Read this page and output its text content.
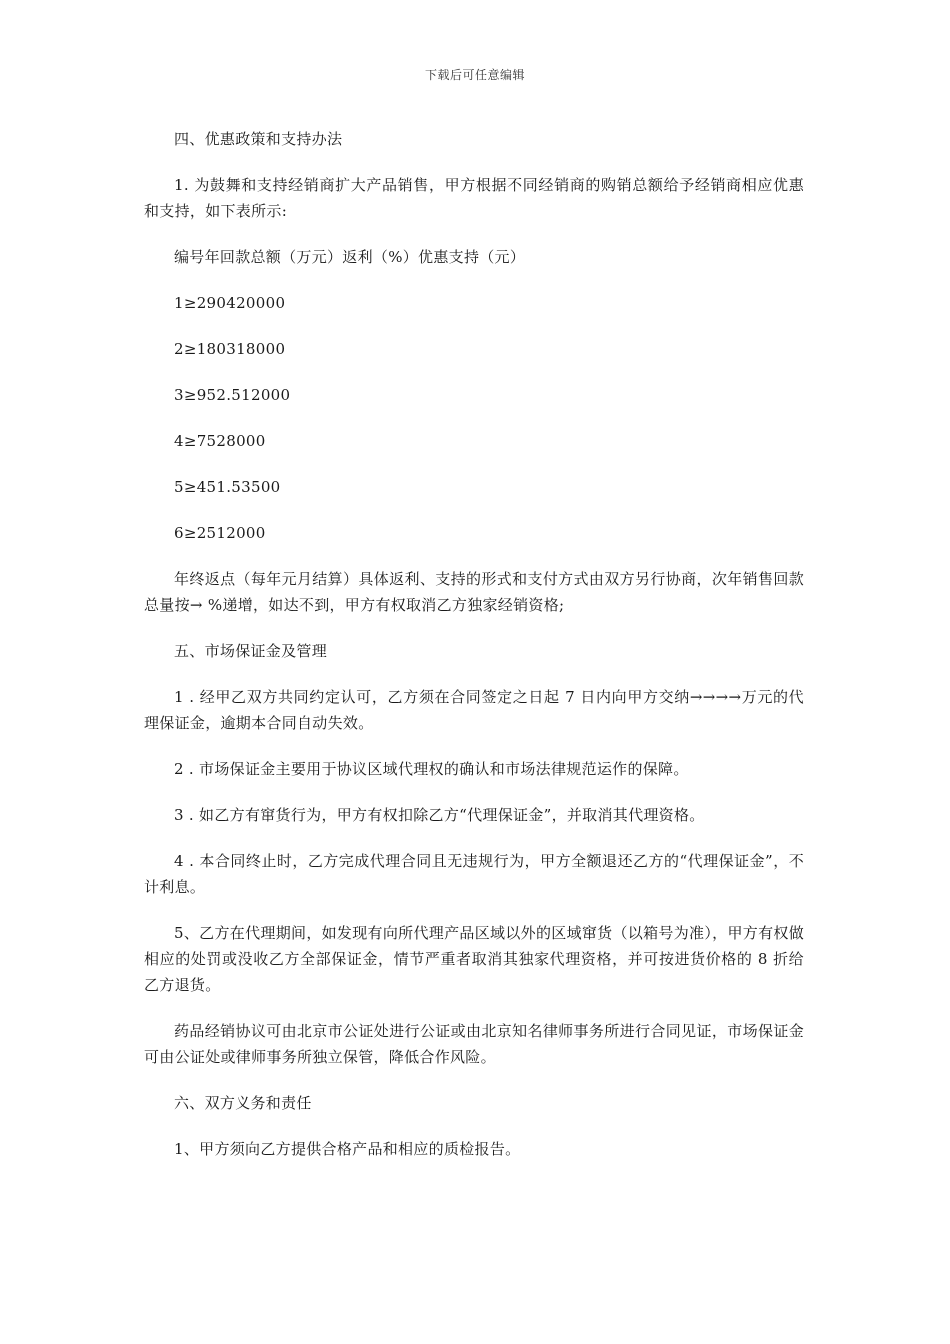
下载后可任意编辑

四、优惠政策和支持办法

1. 为鼓舞和支持经销商扩大产品销售，甲方根据不同经销商的购销总额给予经销商相应优惠和支持，如下表所示:

编号年回款总额（万元）返利（%）优惠支持（元）

1≥290420000

2≥180318000

3≥952.512000

4≥7528000

5≥451.53500

6≥2512000

年终返点（每年元月结算）具体返利、支持的形式和支付方式由双方另行协商，次年销售回款总量按→ %递增，如达不到，甲方有权取消乙方独家经销资格;

五、市场保证金及管理

1 . 经甲乙双方共同约定认可，乙方须在合同签定之日起 7 日内向甲方交纳→→→→万元的代理保证金，逾期本合同自动失效。

2 . 市场保证金主要用于协议区域代理权的确认和市场法律规范运作的保障。

3 . 如乙方有窜货行为，甲方有权扣除乙方“代理保证金”，并取消其代理资格。

4 . 本合同终止时，乙方完成代理合同且无违规行为，甲方全额退还乙方的“代理保证金”，不计利息。

5、乙方在代理期间，如发现有向所代理产品区域以外的区域窜货（以箱号为准），甲方有权做相应的处罚或没收乙方全部保证金，情节严重者取消其独家代理资格，并可按进货价格的 8 折给乙方退货。

药品经销协议可由北京市公证处进行公证或由北京知名律师事务所进行合同见证，市场保证金可由公证处或律师事务所独立保管，降低合作风险。

六、双方义务和责任

1、甲方须向乙方提供合格产品和相应的质检报告。
